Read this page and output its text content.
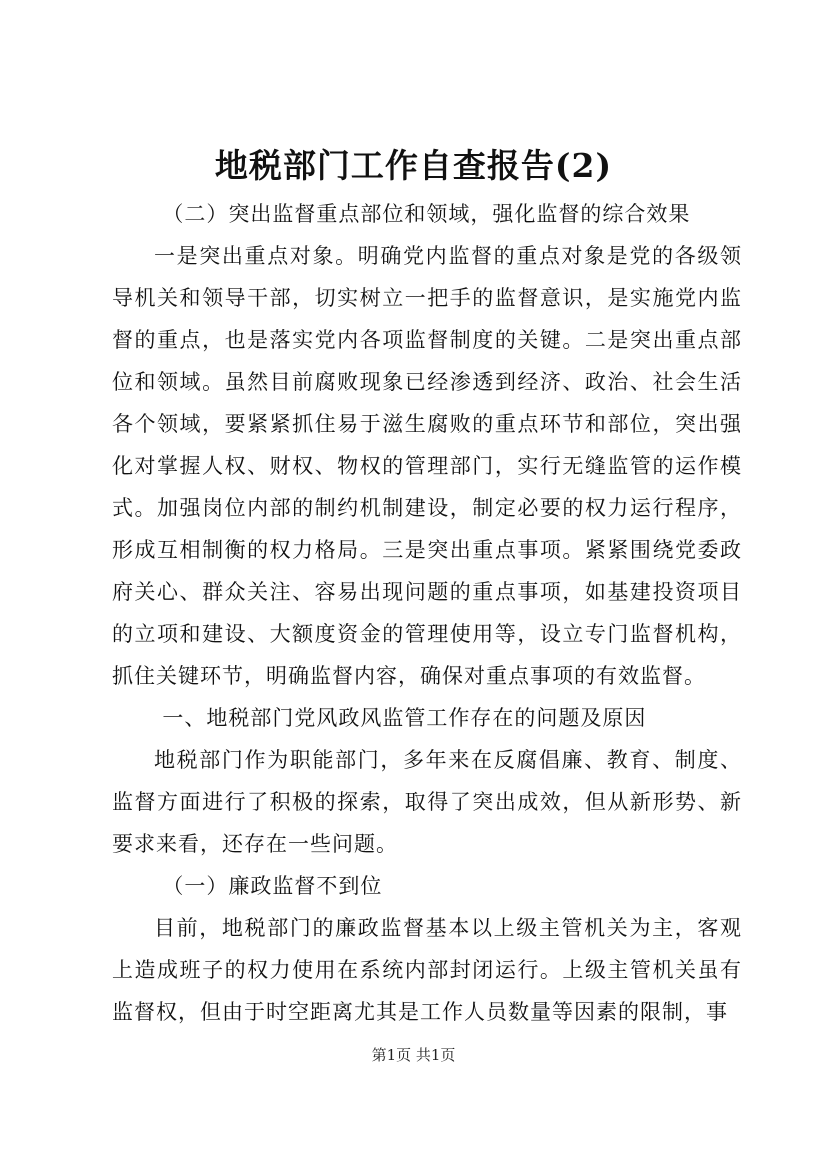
地税部门工作自查报告(2)

（二）突出监督重点部位和领域，强化监督的综合效果

一是突出重点对象。明确党内监督的重点对象是党的各级领导机关和领导干部，切实树立一把手的监督意识，是实施党内监督的重点，也是落实党内各项监督制度的关键。二是突出重点部位和领域。虽然目前腐败现象已经渗透到经济、政治、社会生活各个领域，要紧紧抓住易于滋生腐败的重点环节和部位，突出强化对掌握人权、财权、物权的管理部门，实行无缝监管的运作模式。加强岗位内部的制约机制建设，制定必要的权力运行程序，形成互相制衡的权力格局。三是突出重点事项。紧紧围绕党委政府关心、群众关注、容易出现问题的重点事项，如基建投资项目的立项和建设、大额度资金的管理使用等，设立专门监督机构，抓住关键环节，明确监督内容，确保对重点事项的有效监督。

一、地税部门党风政风监管工作存在的问题及原因

地税部门作为职能部门，多年来在反腐倡廉、教育、制度、监督方面进行了积极的探索，取得了突出成效，但从新形势、新要求来看，还存在一些问题。

（一）廉政监督不到位

目前，地税部门的廉政监督基本以上级主管机关为主，客观上造成班子的权力使用在系统内部封闭运行。上级主管机关虽有监督权，但由于时空距离尤其是工作人员数量等因素的限制，事

第1页 共1页
